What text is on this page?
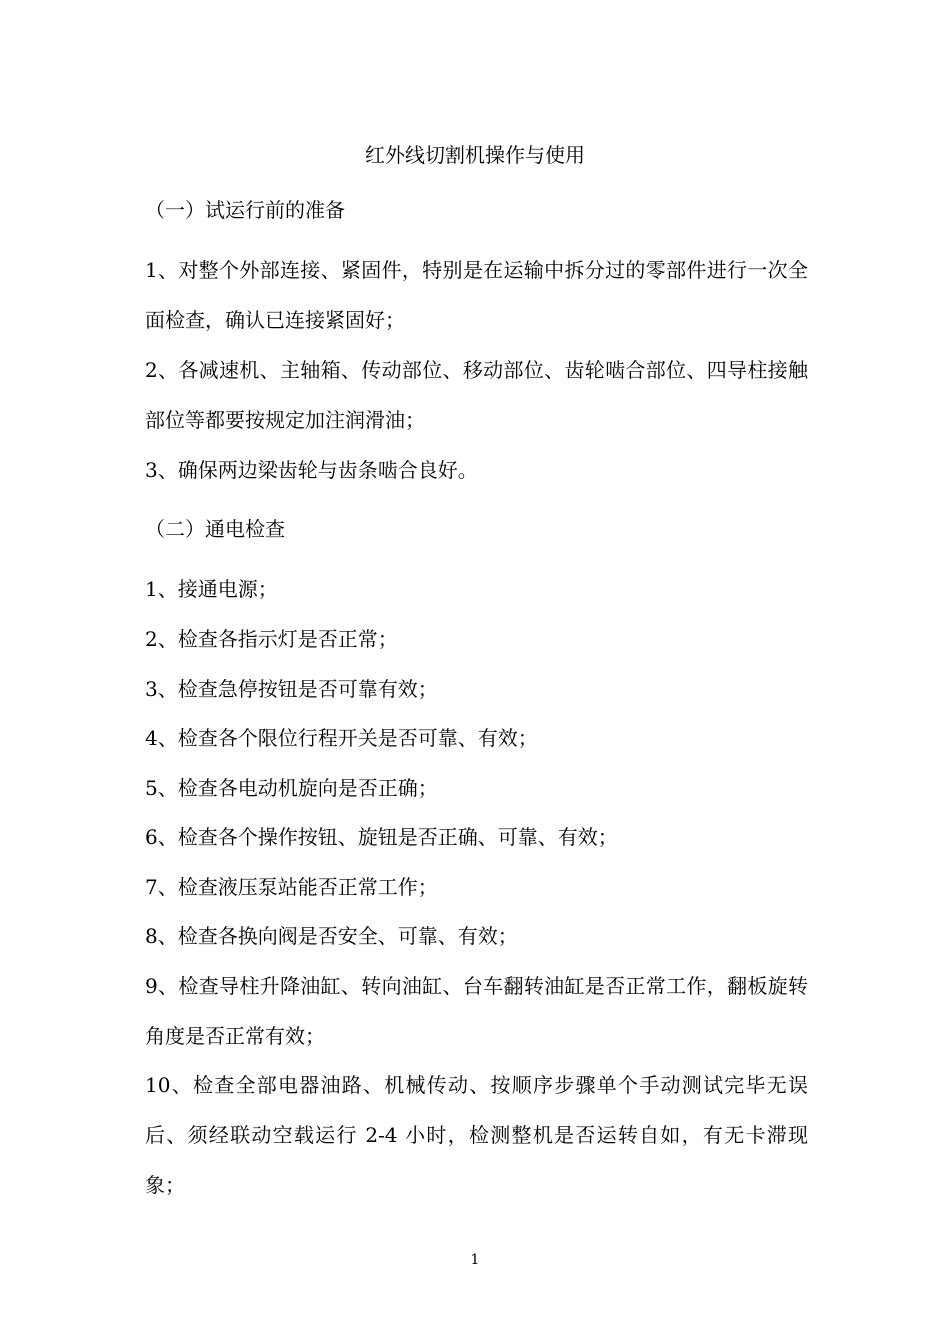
红外线切割机操作与使用
（一）试运行前的准备

1、对整个外部连接、紧固件，特别是在运输中拆分过的零部件进行一次全面检查，确认已连接紧固好；

2、各减速机、主轴箱、传动部位、移动部位、齿轮啮合部位、四导柱接触部位等都要按规定加注润滑油；

3、确保两边梁齿轮与齿条啮合良好。

（二）通电检查

1、接通电源；

2、检查各指示灯是否正常；

3、检查急停按钮是否可靠有效；

4、检查各个限位行程开关是否可靠、有效；

5、检查各电动机旋向是否正确；

6、检查各个操作按钮、旋钮是否正确、可靠、有效；

7、检查液压泵站能否正常工作；

8、检查各换向阀是否安全、可靠、有效；

9、检查导柱升降油缸、转向油缸、台车翻转油缸是否正常工作，翻板旋转角度是否正常有效；

10、检查全部电器油路、机械传动、按顺序步骤单个手动测试完毕无误后、须经联动空载运行 2-4 小时，检测整机是否运转自如，有无卡滞现象；

1
